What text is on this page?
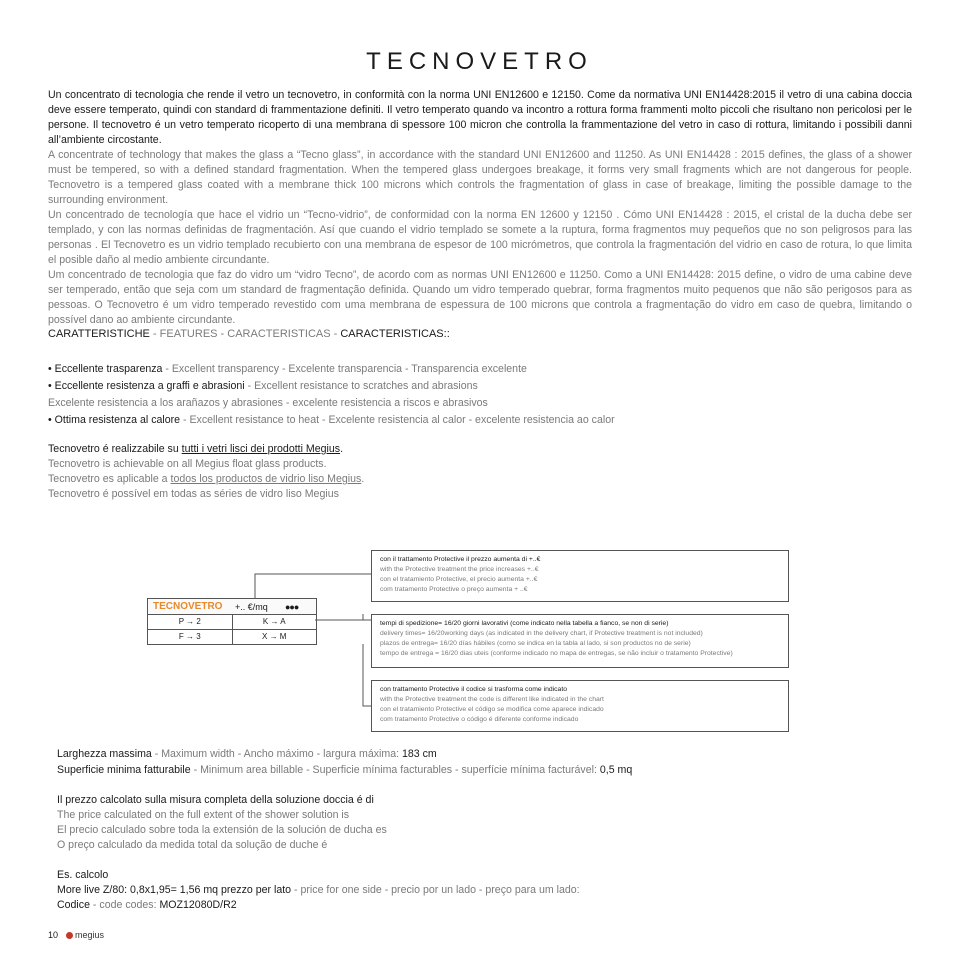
TECNOVETRO
Un concentrato di tecnologia che rende il vetro un tecnovetro, in conformità con la norma UNI EN12600 e 12150. Come da normativa UNI EN14428:2015 il vetro di una cabina doccia deve essere temperato, quindi con standard di frammentazione definiti. Il vetro temperato quando va incontro a rottura forma frammenti molto piccoli che risultano non pericolosi per le persone. Il tecnovetro é un vetro temperato ricoperto di una membrana di spessore 100 micron che controlla la frammentazione del vetro in caso di rottura, limitando i possibili danni all’ambiente circostante.
A concentrate of technology that makes the glass a “Tecno glass”, in accordance with the standard UNI EN12600 and 11250. As UNI EN14428 : 2015 defines, the glass of a shower must be tempered, so with a defined standard fragmentation. When the tempered glass undergoes breakage, it forms very small fragments which are not dangerous for people. Tecnovetro is a tempered glass coated with a membrane thick 100 microns which controls the fragmentation of glass in case of breakage, limiting the possible damage to the surrounding environment.
Un concentrado de tecnología que hace el vidrio un “Tecno-vidrio”, de conformidad con la norma EN 12600 y 12150 . Cómo UNI EN14428 : 2015, el cristal de la ducha debe ser templado, y con las normas definidas de fragmentación. Así que cuando el vidrio templado se somete a la ruptura, forma fragmentos muy pequeños que no son peligrosos para las personas . El Tecnovetro es un vidrio templado recubierto con una membrana de espesor de 100 micrómetros, que controla la fragmentación del vidrio en caso de rotura, lo que limita el posible daño al medio ambiente circundante.
Um concentrado de tecnologia que faz do vidro um “vidro Tecno”, de acordo com as normas UNI EN12600 e 11250. Como a UNI EN14428: 2015 define, o vidro de uma cabine deve ser temperado, então que seja com um standard de fragmentação definida. Quando um vidro temperado quebrar, forma fragmentos muito pequenos que não são perigosos para as pessoas. O Tecnovetro é um vidro temperado revestido com uma membrana de espessura de 100 microns que controla a fragmentação do vidro em caso de quebra, limitando o possível dano ao ambiente circundante.
CARATTERISTICHE - FEATURES - CARACTERISTICAS - CARACTERISTICAS::
• Eccellente trasparenza - Excellent transparency - Excelente transparencia - Transparencia excelente
• Eccellente resistenza a graffi e abrasioni - Excellent resistance to scratches and abrasions
Excelente resistencia a los arañazos y abrasiones - excelente resistencia a riscos e abrasivos
• Ottima resistenza al calore - Excellent resistance to heat - Excelente resistencia al calor - excelente resistencia ao calor
Tecnovetro é realizzabile su tutti i vetri lisci dei prodotti Megius.
Tecnovetro is achievable on all Megius float glass products.
Tecnovetro es aplicable a todos los productos de vidrio liso Megius.
Tecnovetro é possível em todas as séries de vidro liso Megius
TECNOVETRO	+.. €/mq	●●●
P → 2	K → A
F → 3	X → M
con il trattamento Protective il prezzo aumenta di +..€
with the Protective treatment the price increases +..€
con el tratamiento Protective, el precio aumenta +..€
com tratamento Protective o preço aumenta + ..€
tempi di spedizione= 16/20 giorni lavorativi (come indicato nella tabella a fianco, se non di serie)
delivery times= 16/20working days (as indicated in the delivery chart, if Protective treatment is not included)
plazos de entrega= 16/20 días hábiles (como se indica en la tabla al lado, si son productos no de serie)
tempo de entrega = 16/20 dias uteis (conforme indicado no mapa de entregas, se não incluir o tratamento Protective)
con trattamento Protective il codice si trasforma come indicato
with the Protective treatment the code is different like indicated in the chart
con el tratamiento Protective el código se modifica come aparece indicado
com tratamento Protective o código é diferente conforme indicado
Larghezza massima - Maximum width - Ancho máximo - largura máxima: 183 cm
Superficie minima fatturabile - Minimum area billable - Superficie mínima facturables - superfície mínima facturável: 0,5 mq
Il prezzo calcolato sulla misura completa della soluzione doccia é di
The price calculated on the full extent of the shower solution is
El precio calculado sobre toda la extensión de la solución de ducha es
O preço calculado da medida total da solução de duche é
Es. calcolo
More live Z/80: 0,8x1,95= 1,56 mq prezzo per lato - price for one side - precio por un lado - preço para um lado:
Codice - code codes: MOZ12080D/R2
10 megius
